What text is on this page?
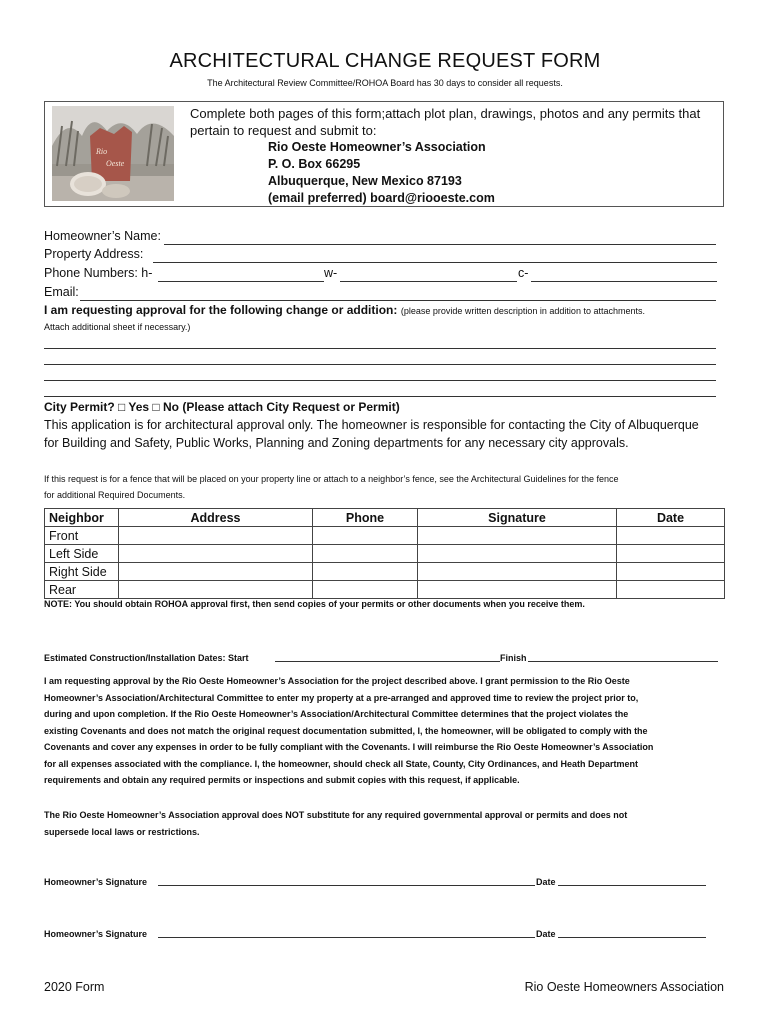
ARCHITECTURAL CHANGE REQUEST FORM
The Architectural Review Committee/ROHOA Board has 30 days to consider all requests.
Rio
Oeste
Complete both pages of this form;attach plot plan, drawings, photos and any permits that
pertain to request and submit to:
Rio Oeste Homeowner’s Association
P. O. Box 66295
Albuquerque, New Mexico 87193
(email preferred) board@riooeste.com
Homeowner’s Name:
Property Address:
Phone Numbers: h-	w-	c-
Email:
I am requesting approval for the following change or addition: (please provide written description in addition to attachments.
Attach additional sheet if necessary.)
City Permit? □ Yes □ No (Please attach City Request or Permit)
This application is for architectural approval only. The homeowner is responsible for contacting the City of Albuquerque
for Building and Safety, Public Works, Planning and Zoning departments for any necessary city approvals.
If this request is for a fence that will be placed on your property line or attach to a neighbor’s fence, see the Architectural Guidelines for the fence
for additional Required Documents.
Neighbor	Address	Phone	Signature	Date
Front				
Left Side				
Right Side				
Rear				
NOTE: You should obtain ROHOA approval first, then send copies of your permits or other documents when you receive them.
Estimated Construction/Installation Dates: Start	Finish
I am requesting approval by the Rio Oeste Homeowner’s Association for the project described above. I grant permission to the Rio Oeste
Homeowner’s Association/Architectural Committee to enter my property at a pre-arranged and approved time to review the project prior to,
during and upon completion. If the Rio Oeste Homeowner’s Association/Architectural Committee determines that the project violates the
existing Covenants and does not match the original request documentation submitted, I, the homeowner, will be obligated to comply with the
Covenants and cover any expenses in order to be fully compliant with the Covenants. I will reimburse the Rio Oeste Homeowner’s Association
for all expenses associated with the compliance. I, the homeowner, should check all State, County, City Ordinances, and Heath Department
requirements and obtain any required permits or inspections and submit copies with this request, if applicable.
The Rio Oeste Homeowner’s Association approval does NOT substitute for any required governmental approval or permits and does not
supersede local laws or restrictions.
Homeowner’s Signature	Date
Homeowner’s Signature	Date
2020 Form	Rio Oeste Homeowners Association
